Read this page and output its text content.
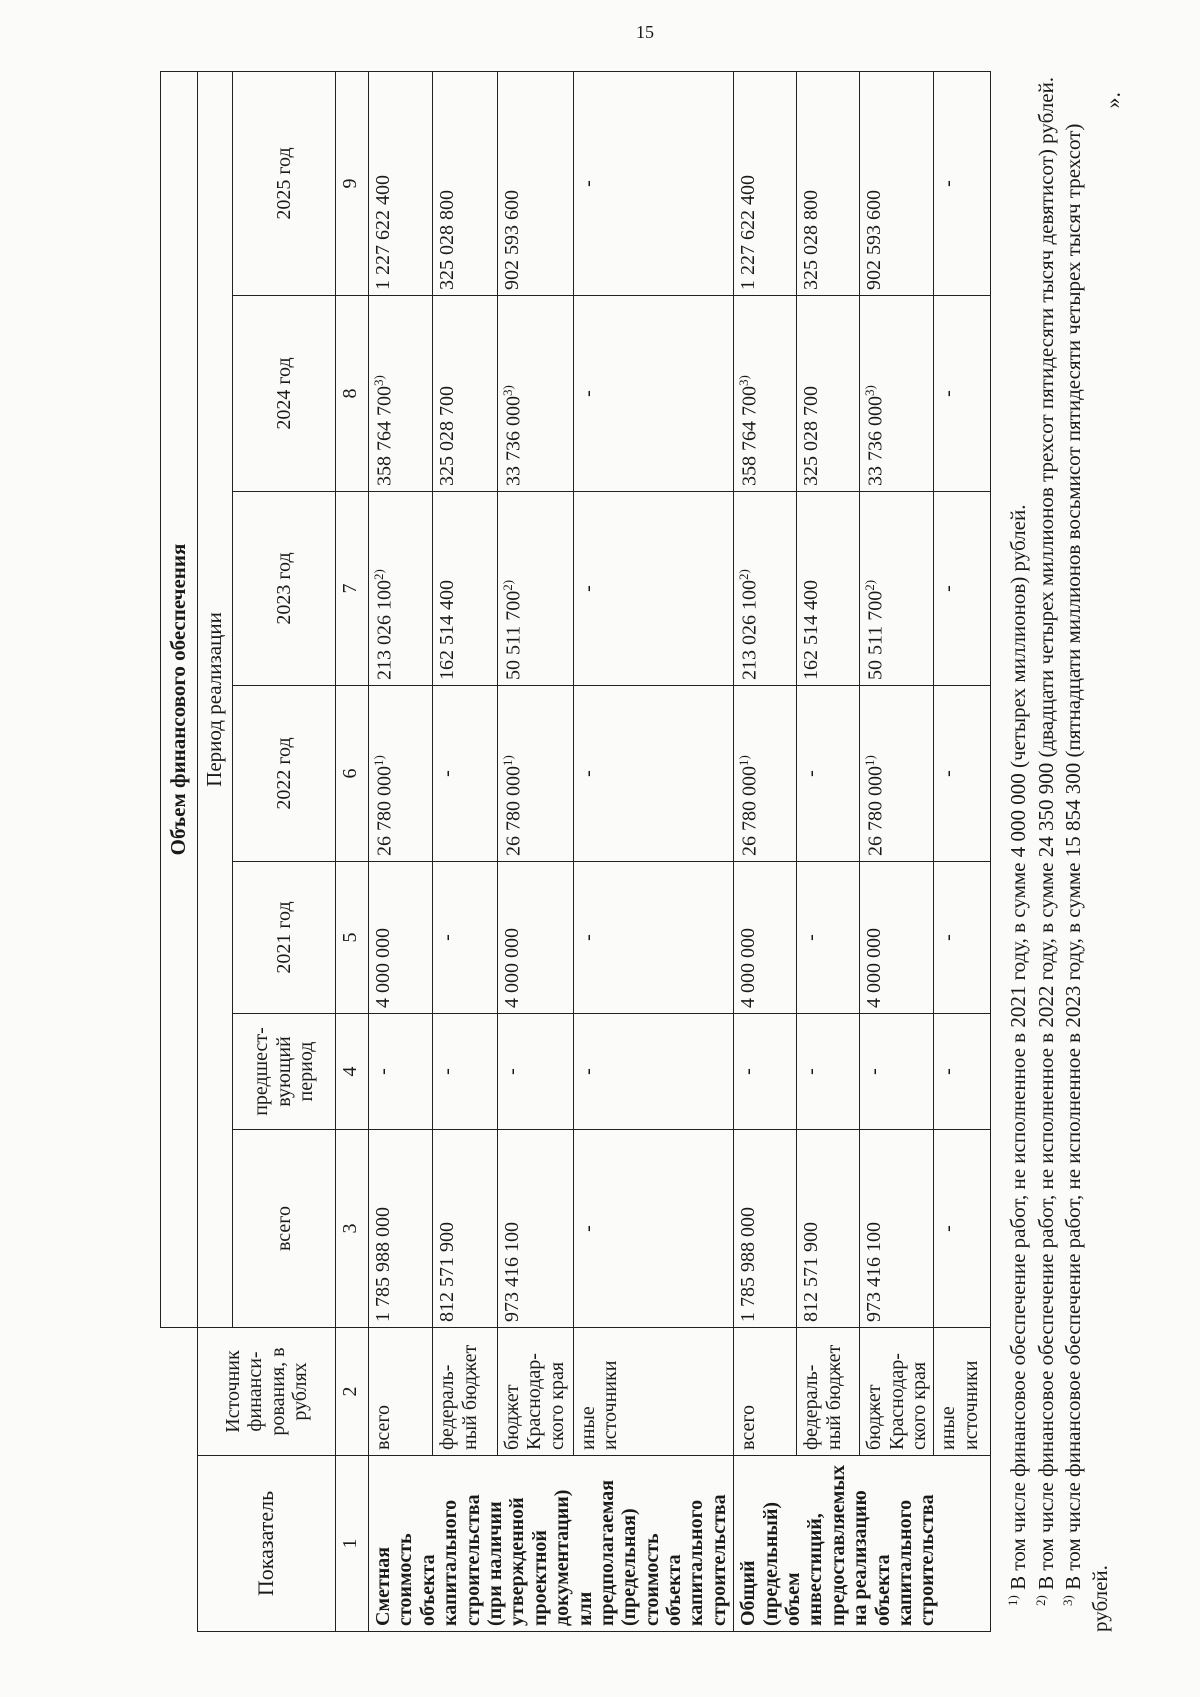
15
		Объем финансового обеспечения						
Показатель	Источник финанси-рования, в рублях	Период реализации						
		всего	предшест-вующий период	2021 год	2022 год	2023 год	2024 год	2025 год
1	2	3	4	5	6	7	8	9
Сметная стоимость объекта капитального строительства (при наличии утвержденной проектной документации) или предполагаемая (предельная) стоимость объекта капитального строительства	всего	1 785 988 000	-	4 000 000	26 780 000$^{1)}$	213 026 100$^{2)}$	358 764 700$^{3)}$	1 227 622 400
	федераль-ный бюджет	812 571 900	-	-	-	162 514 400	325 028 700	325 028 800
	бюджет Краснодар-ского края	973 416 100	-	4 000 000	26 780 000$^{1)}$	50 511 700$^{2)}$	33 736 000$^{3)}$	902 593 600
	иные источники	-	-	-	-	-	-	-
Общий (предельный) объем инвестиций, предоставляемых на реализацию объекта капитального строительства	всего	1 785 988 000	-	4 000 000	26 780 000$^{1)}$	213 026 100$^{2)}$	358 764 700$^{3)}$	1 227 622 400
	федераль-ный бюджет	812 571 900	-	-	-	162 514 400	325 028 700	325 028 800
	бюджет Краснодар-ского края	973 416 100	-	4 000 000	26 780 000$^{1)}$	50 511 700$^{2)}$	33 736 000$^{3)}$	902 593 600
	иные источники	-	-	-	-	-	-	-

$^{1)}$ В том числе финансовое обеспечение работ, не исполненное в 2021 году, в сумме 4 000 000 (четырех миллионов) рублей.

$^{2)}$ В том числе финансовое обеспечение работ, не исполненное в 2022 году, в сумме 24 350 900 (двадцати четырех миллионов трехсот пятидесяти тысяч девятисот) рублей.

$^{3)}$ В том числе финансовое обеспечение работ, не исполненное в 2023 году, в сумме 15 854 300 (пятнадцати миллионов восьмисот пятидесяти четырех тысяч трехсот) рублей.

».
